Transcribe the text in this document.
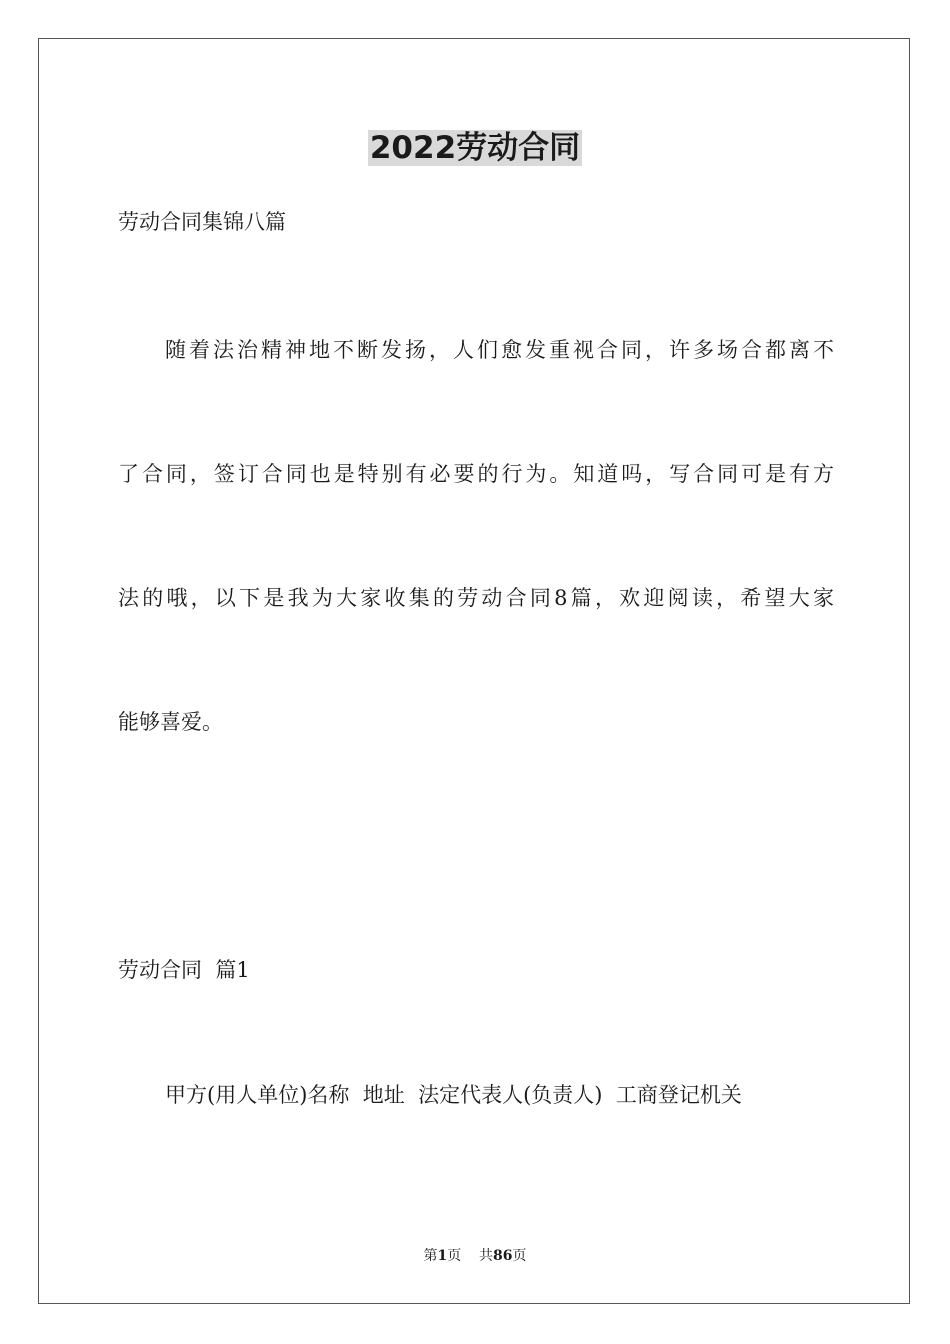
2022劳动合同

劳动合同集锦八篇

随着法治精神地不断发扬，人们愈发重视合同，许多场合都离不

了合同，签订合同也是特别有必要的行为。知道吗，写合同可是有方

法的哦，以下是我为大家收集的劳动合同8篇，欢迎阅读，希望大家

能够喜爱。

劳动合同  篇1

甲方(用人单位)名称  地址  法定代表人(负责人)  工商登记机关

第1页 共86页
